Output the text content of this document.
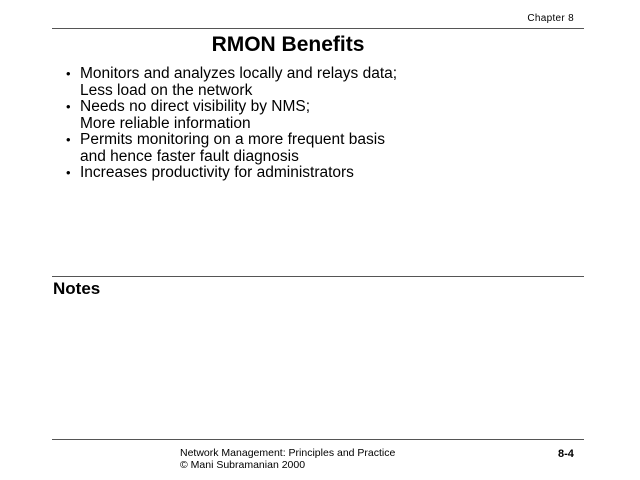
Chapter 8
RMON Benefits
• Monitors and analyzes locally and relays data;
Less load on the network
• Needs no direct visibility by NMS;
More reliable information
• Permits monitoring on a more frequent basis
and hence faster fault diagnosis
• Increases productivity for administrators
Notes
Network Management: Principles and Practice
© Mani Subramanian 2000
8-4
